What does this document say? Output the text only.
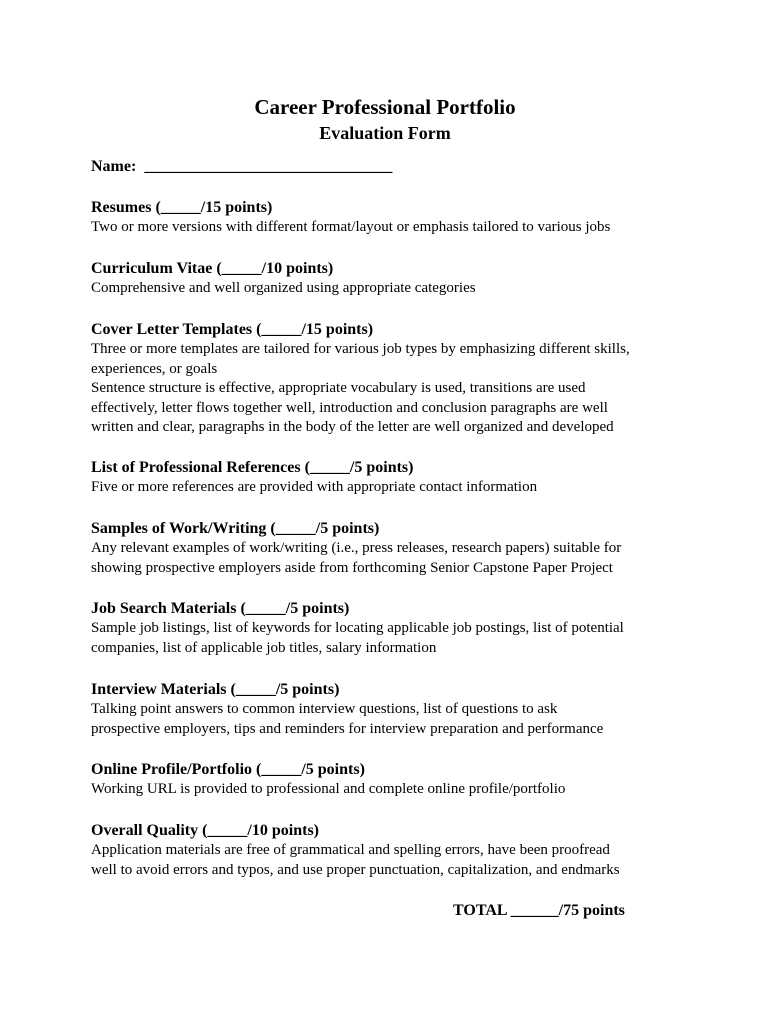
Career Professional Portfolio
Evaluation Form
Name:  _______________________________
Resumes (_____/15 points)
Two or more versions with different format/layout or emphasis tailored to various jobs
Curriculum Vitae (_____/10 points)
Comprehensive and well organized using appropriate categories
Cover Letter Templates (_____/15 points)
Three or more templates are tailored for various job types by emphasizing different skills,
experiences, or goals
Sentence structure is effective, appropriate vocabulary is used, transitions are used
effectively, letter flows together well, introduction and conclusion paragraphs are well
written and clear, paragraphs in the body of the letter are well organized and developed
List of Professional References (_____/5 points)
Five or more references are provided with appropriate contact information
Samples of Work/Writing (_____/5 points)
Any relevant examples of work/writing (i.e., press releases, research papers) suitable for
showing prospective employers aside from forthcoming Senior Capstone Paper Project
Job Search Materials (_____/5 points)
Sample job listings, list of keywords for locating applicable job postings, list of potential
companies, list of applicable job titles, salary information
Interview Materials (_____/5 points)
Talking point answers to common interview questions, list of questions to ask
prospective employers, tips and reminders for interview preparation and performance
Online Profile/Portfolio (_____/5 points)
Working URL is provided to professional and complete online profile/portfolio
Overall Quality (_____/10 points)
Application materials are free of grammatical and spelling errors, have been proofread
well to avoid errors and typos, and use proper punctuation, capitalization, and endmarks
TOTAL ______/75 points
